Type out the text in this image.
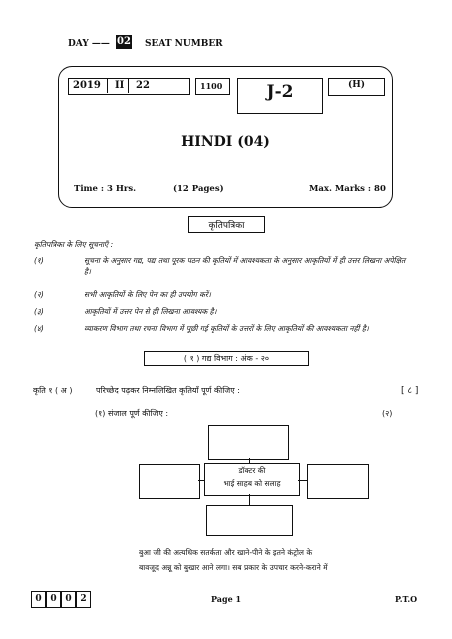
DAY —— 02 SEAT NUMBER
2019 II 22	1100	J-2	(H)
HINDI (04)
Time : 3 Hrs.	(12 Pages)	Max. Marks : 80
कृतिपत्रिका
कृतिपत्रिका के लिए सूचनाएँ :
(१)	सूचना के अनुसार गद्य, पद्य तथा पूरक पठन की कृतियों में आवश्यकता के अनुसार आकृतियों में ही उत्तर लिखना अपेक्षित है।
(२)	सभी आकृतियों के लिए पेन का ही उपयोग करें।
(३)	आकृतियों में उत्तर पेन से ही लिखना आवश्यक है।
(४)	व्याकरण विभाग तथा रचना विभाग में पूछी गई कृतियों के उत्तरों के लिए आकृतियों की आवश्यकता नहीं है।
( १ ) गद्य विभाग : अंक - २०
कृति १ ( अ )	परिच्छेद पढ़कर निम्नलिखित कृतियाँ पूर्ण कीजिए :	[ ८ ]
(१) संजाल पूर्ण कीजिए :	(२)
डॉक्टर की
भाई साहब को सलाह
बुआ जी की अत्यधिक सतर्कता और खाने-पीने के इतने कंट्रोल के
बावजूद अन्नू को बुखार आने लगा। सब प्रकार के उपचार करने-कराने में
0 0 0 2	Page 1	P.T.O
